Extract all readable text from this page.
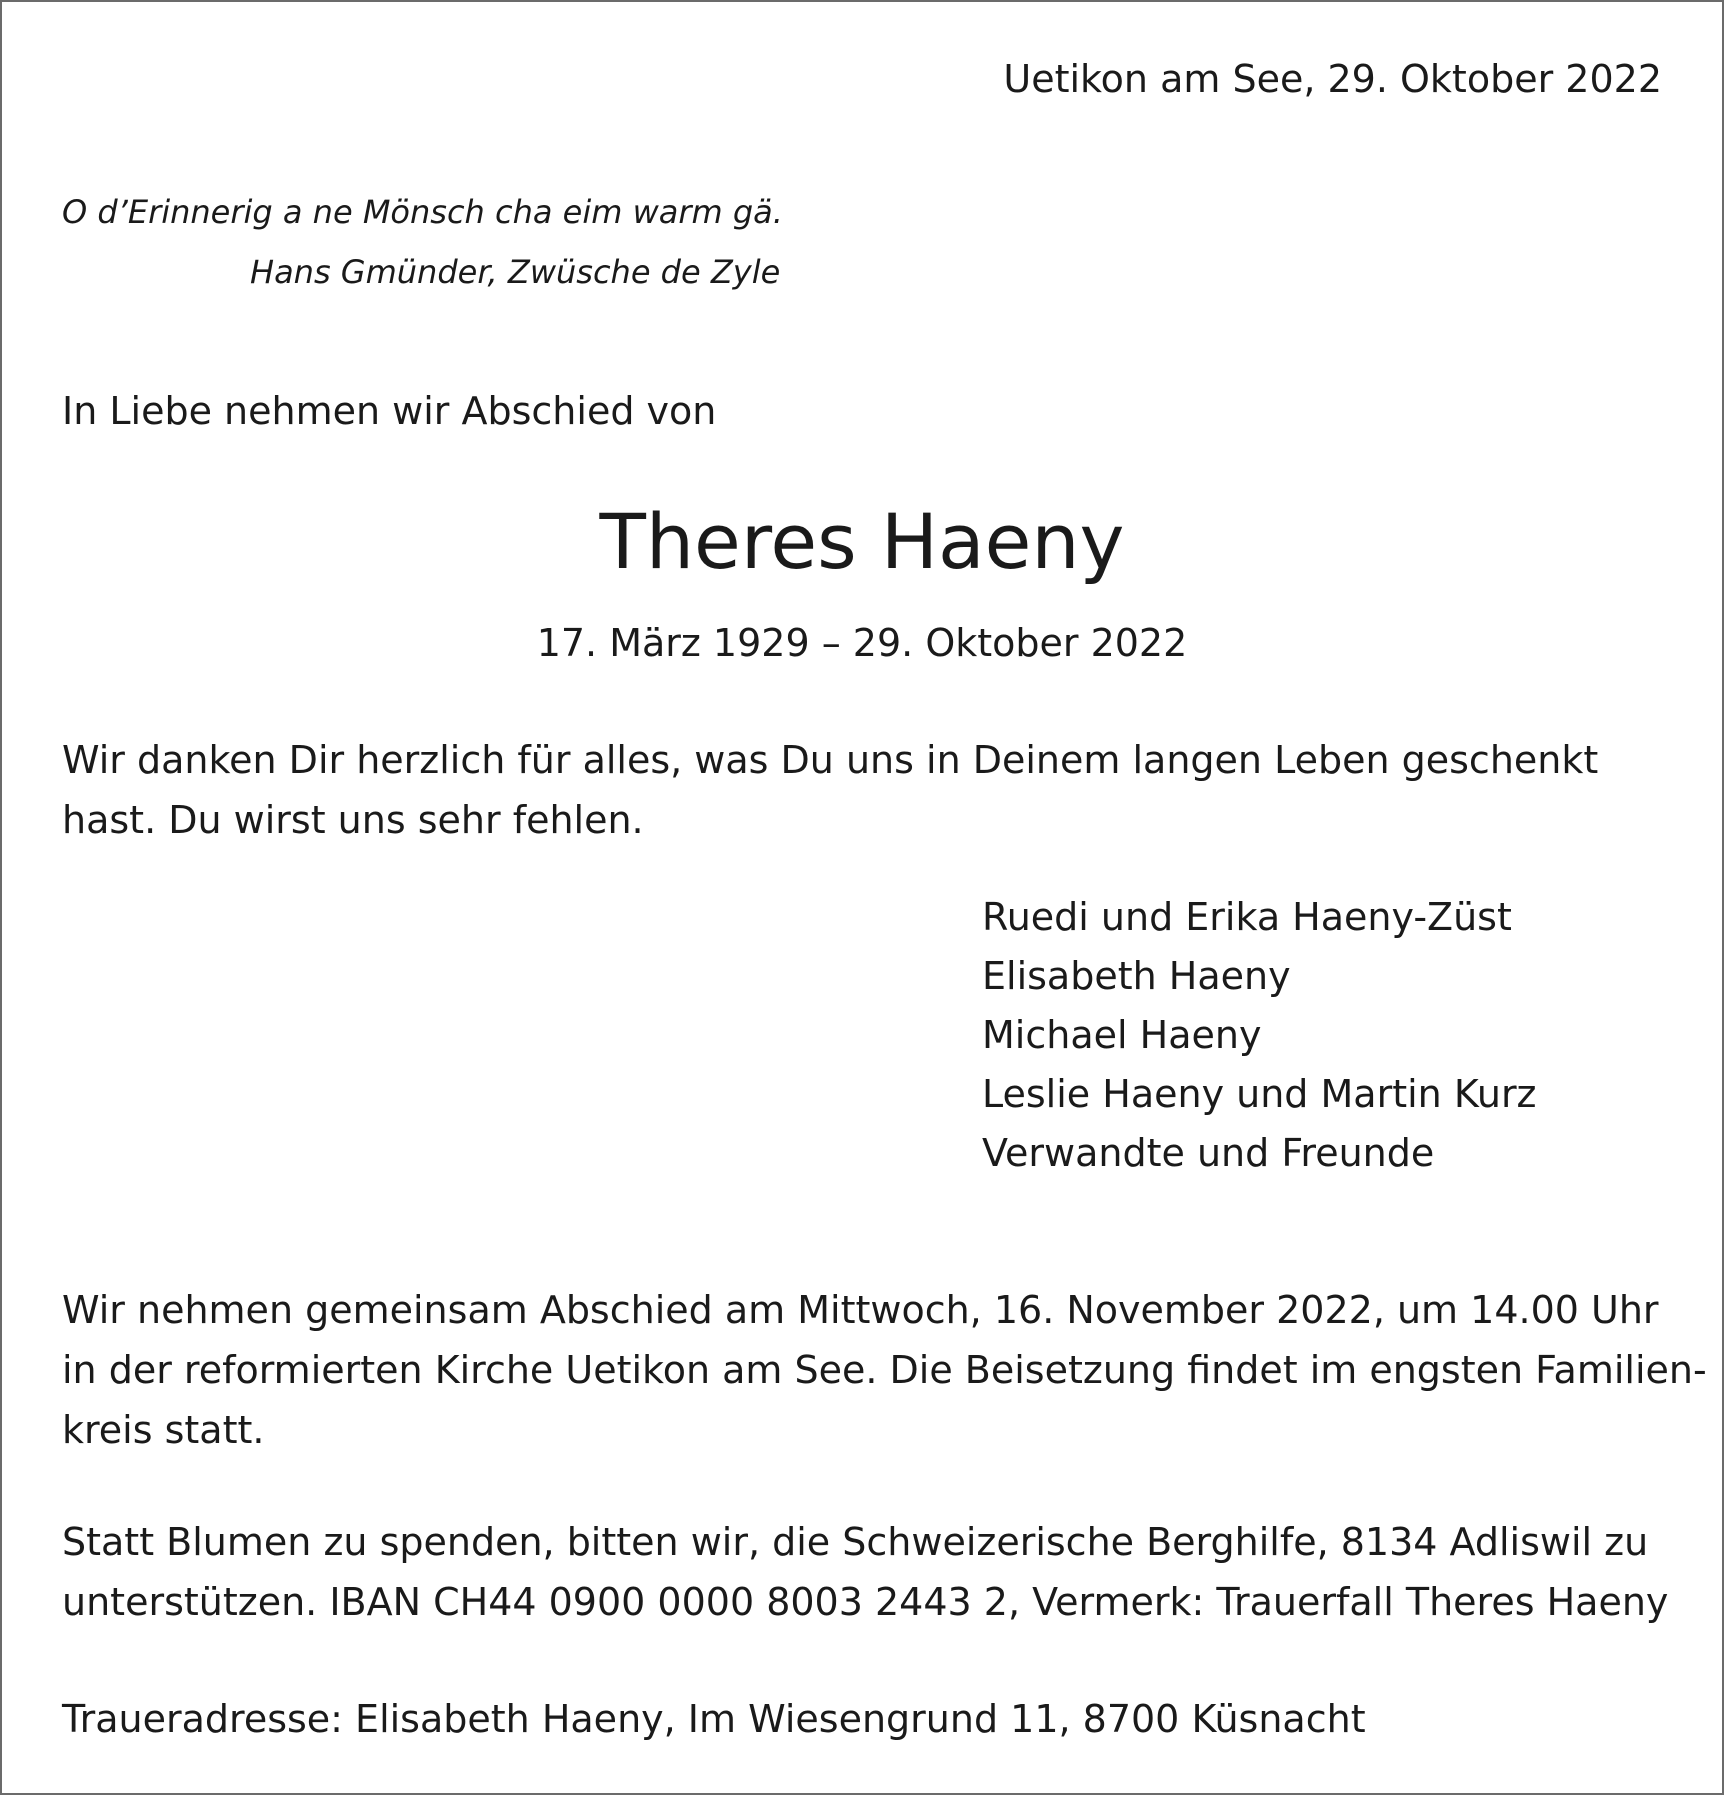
Uetikon am See, 29. Oktober 2022
O d’Erinnerig a ne Mönsch cha eim warm gä.
Hans Gmünder, Zwüsche de Zyle
In Liebe nehmen wir Abschied von
Theres Haeny
17. März 1929 – 29. Oktober 2022
Wir danken Dir herzlich für alles, was Du uns in Deinem langen Leben geschenkt
hast. Du wirst uns sehr fehlen.
Ruedi und Erika Haeny-Züst
Elisabeth Haeny
Michael Haeny
Leslie Haeny und Martin Kurz
Verwandte und Freunde
Wir nehmen gemeinsam Abschied am Mittwoch, 16. November 2022, um 14.00 Uhr
in der reformierten Kirche Uetikon am See. Die Beisetzung findet im engsten Familien-
kreis statt.
Statt Blumen zu spenden, bitten wir, die Schweizerische Berghilfe, 8134 Adliswil zu
unterstützen. IBAN CH44 0900 0000 8003 2443 2, Vermerk: Trauerfall Theres Haeny
Traueradresse: Elisabeth Haeny, Im Wiesengrund 11, 8700 Küsnacht
